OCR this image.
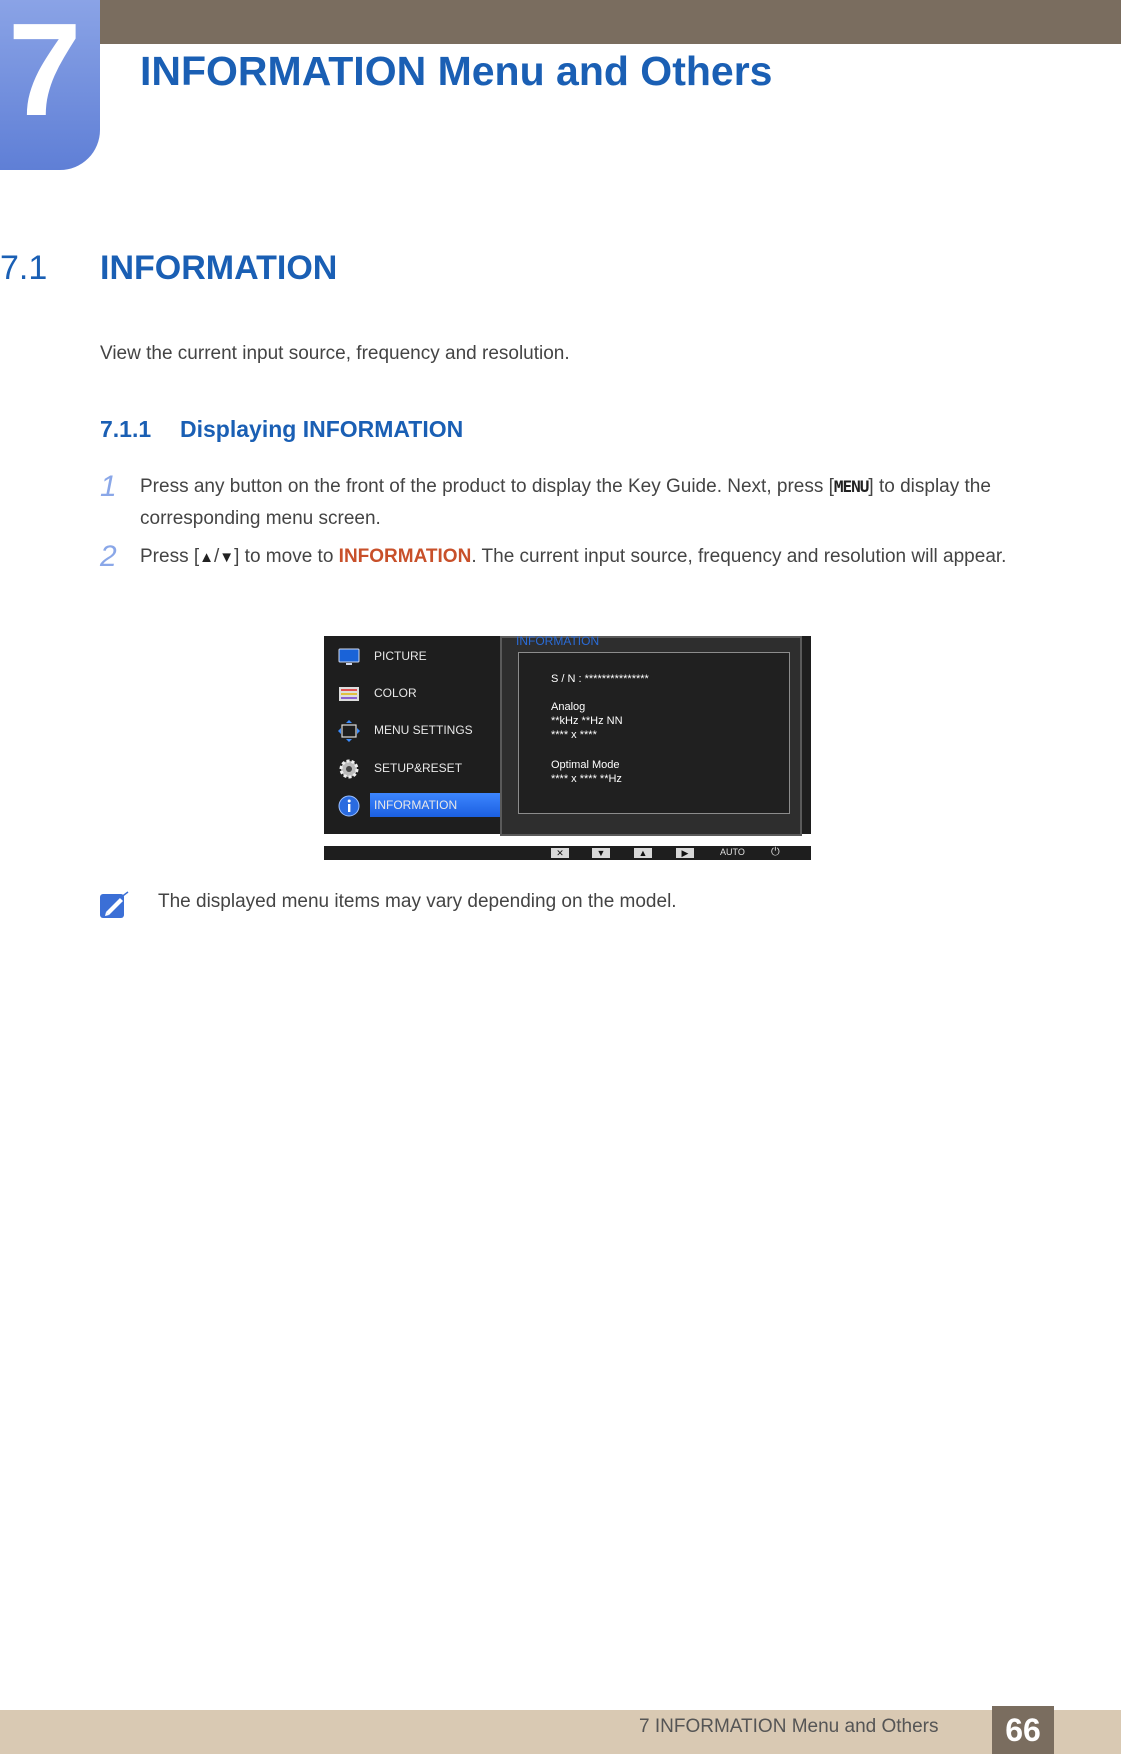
7 INFORMATION Menu and Others
7.1 INFORMATION
View the current input source, frequency and resolution.
7.1.1 Displaying INFORMATION
1 Press any button on the front of the product to display the Key Guide. Next, press [MENU] to display the corresponding menu screen.
2 Press [▲/▼] to move to INFORMATION. The current input source, frequency and resolution will appear.
PICTURE
COLOR
MENU SETTINGS
SETUP&RESET
INFORMATION
INFORMATION
S / N : ***************
Analog
**kHz **Hz NN
**** x ****
Optimal Mode
**** x **** **Hz
✕	▼	▲	▶	AUTO ⏻
The displayed menu items may vary depending on the model.
7 INFORMATION Menu and Others	66
